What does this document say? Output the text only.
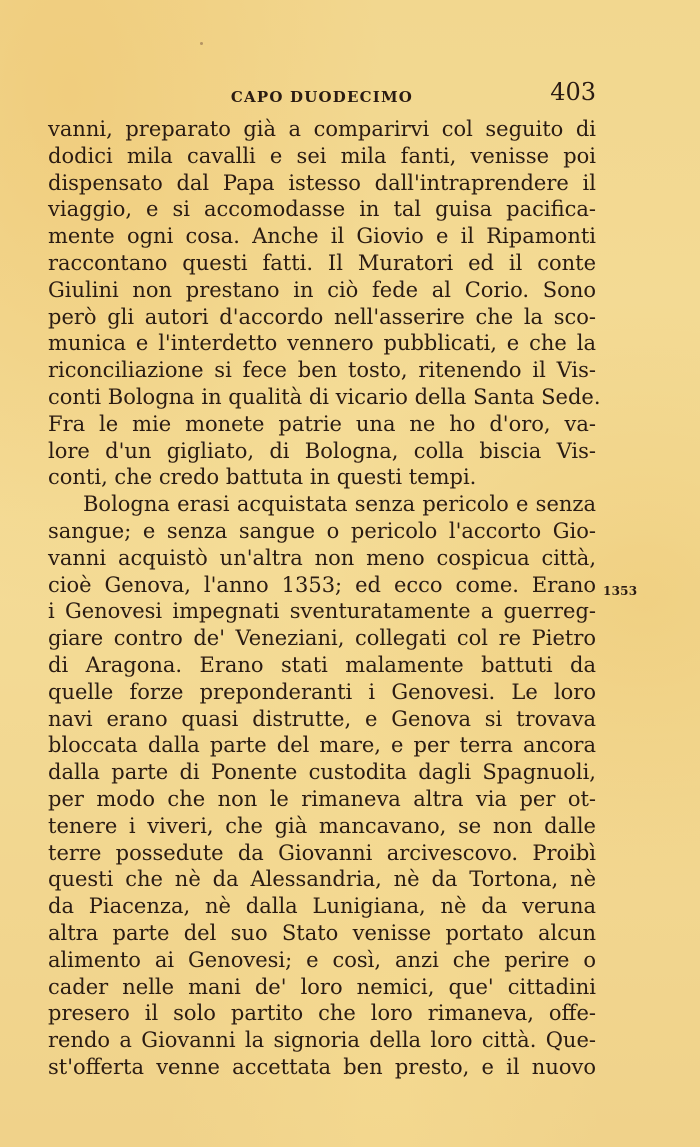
CAPO DUODECIMO	403
vanni, preparato già a comparirvi col seguito di
dodici mila cavalli e sei mila fanti, venisse poi
dispensato dal Papa istesso dall'intraprendere il
viaggio, e si accomodasse in tal guisa pacifica-
mente ogni cosa. Anche il Giovio e il Ripamonti
raccontano questi fatti. Il Muratori ed il conte
Giulini non prestano in ciò fede al Corio. Sono
però gli autori d'accordo nell'asserire che la sco-
munica e l'interdetto vennero pubblicati, e che la
riconciliazione si fece ben tosto, ritenendo il Vis-
conti Bologna in qualità di vicario della Santa Sede.
Fra le mie monete patrie una ne ho d'oro, va-
lore d'un gigliato, di Bologna, colla biscia Vis-
conti, che credo battuta in questi tempi.
Bologna erasi acquistata senza pericolo e senza
sangue; e senza sangue o pericolo l'accorto Gio-
vanni acquistò un'altra non meno cospicua città,
cioè Genova, l'anno 1353; ed ecco come. Erano
i Genovesi impegnati sventuratamente a guerreg-
giare contro de' Veneziani, collegati col re Pietro
di Aragona. Erano stati malamente battuti da
quelle forze preponderanti i Genovesi. Le loro
navi erano quasi distrutte, e Genova si trovava
bloccata dalla parte del mare, e per terra ancora
dalla parte di Ponente custodita dagli Spagnuoli,
per modo che non le rimaneva altra via per ot-
tenere i viveri, che già mancavano, se non dalle
terre possedute da Giovanni arcivescovo. Proibì
questi che nè da Alessandria, nè da Tortona, nè
da Piacenza, nè dalla Lunigiana, nè da veruna
altra parte del suo Stato venisse portato alcun
alimento ai Genovesi; e così, anzi che perire o
cader nelle mani de' loro nemici, que' cittadini
presero il solo partito che loro rimaneva, offe-
rendo a Giovanni la signoria della loro città. Que-
st'offerta venne accettata ben presto, e il nuovo
1353
